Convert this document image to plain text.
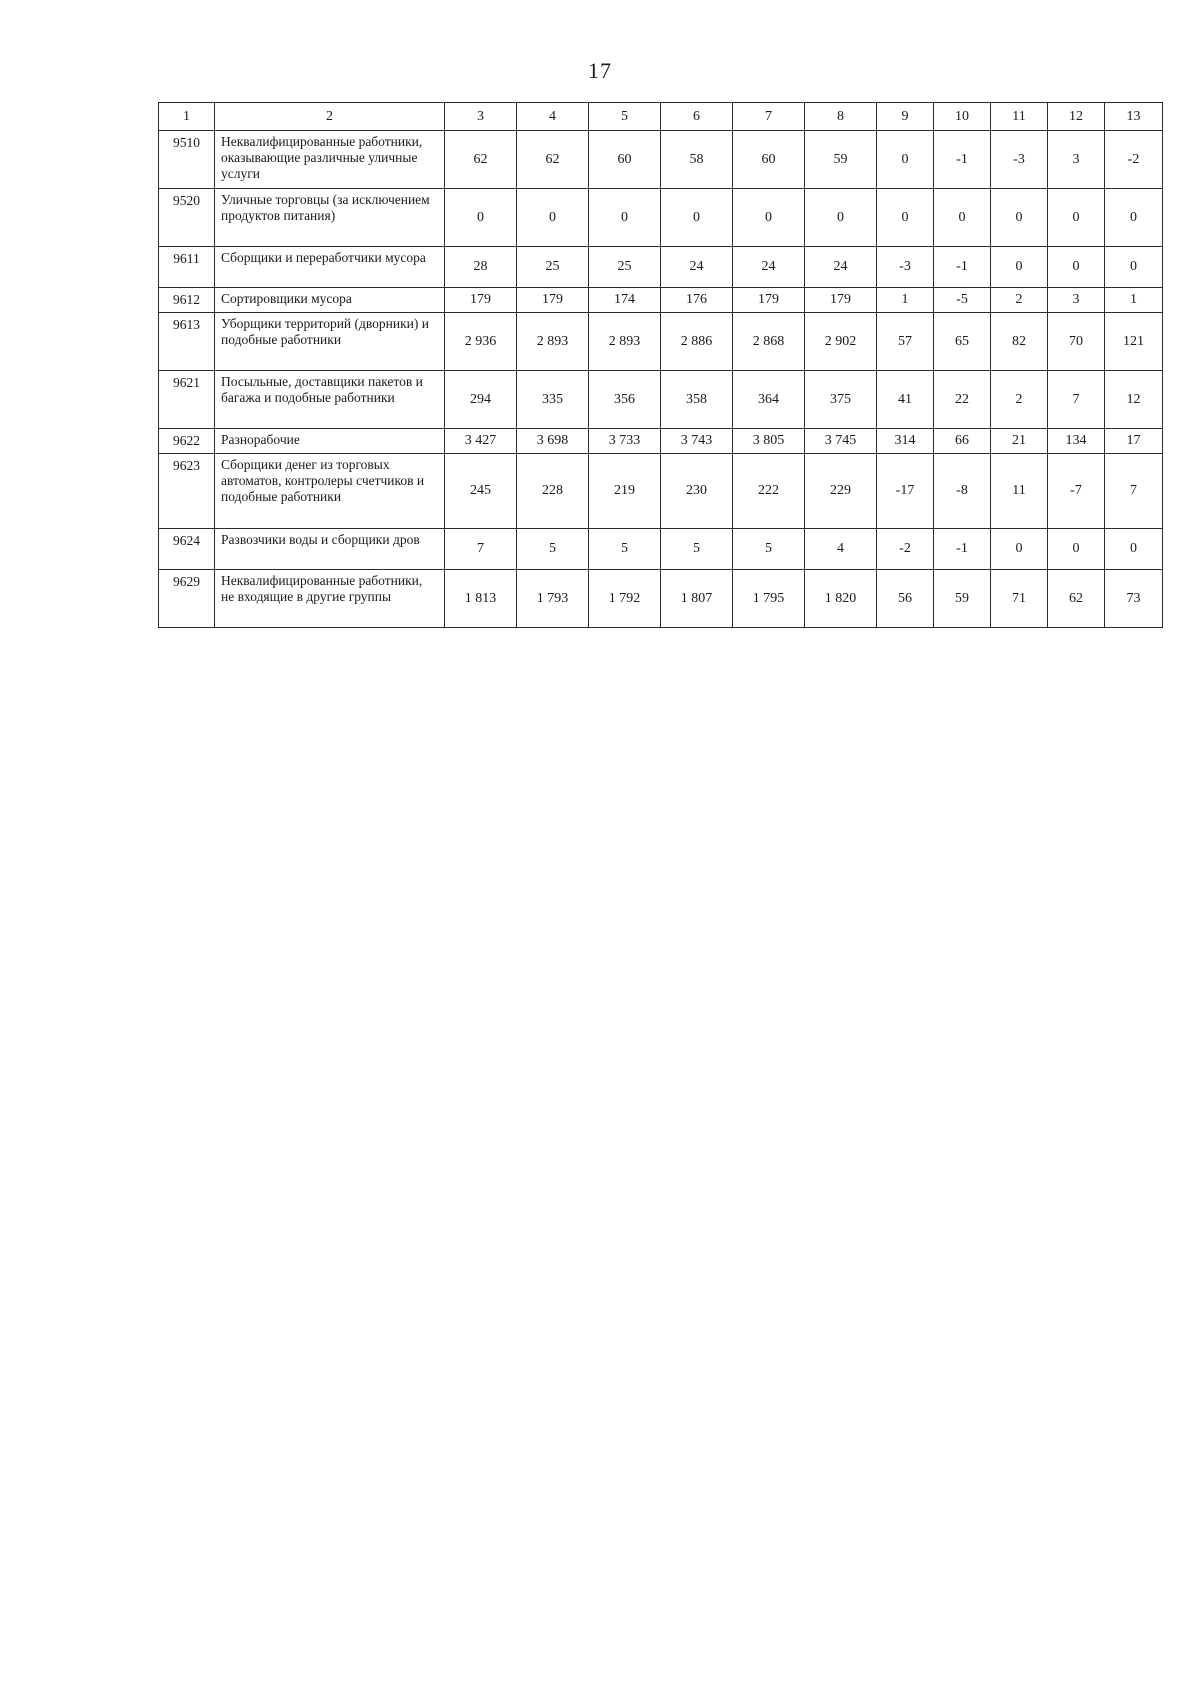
17
1	2	3	4	5	6	7	8	9	10	11	12	13
9510	Неквалифицированные работники, оказывающие различные уличные услуги	62	62	60	58	60	59	0	-1	-3	3	-2
9520	Уличные торговцы (за исключением продуктов питания)	0	0	0	0	0	0	0	0	0	0	0
9611	Сборщики и переработчики мусора	28	25	25	24	24	24	-3	-1	0	0	0
9612	Сортировщики мусора	179	179	174	176	179	179	1	-5	2	3	1
9613	Уборщики территорий (дворники) и подобные работники	2 936	2 893	2 893	2 886	2 868	2 902	57	65	82	70	121
9621	Посыльные, доставщики пакетов и багажа и подобные работники	294	335	356	358	364	375	41	22	2	7	12
9622	Разнорабочие	3 427	3 698	3 733	3 743	3 805	3 745	314	66	21	134	17
9623	Сборщики денег из торговых автоматов, контролеры счетчиков и подобные работники	245	228	219	230	222	229	-17	-8	11	-7	7
9624	Развозчики воды и сборщики дров	7	5	5	5	5	4	-2	-1	0	0	0
9629	Неквалифицированные работники, не входящие в другие группы	1 813	1 793	1 792	1 807	1 795	1 820	56	59	71	62	73
